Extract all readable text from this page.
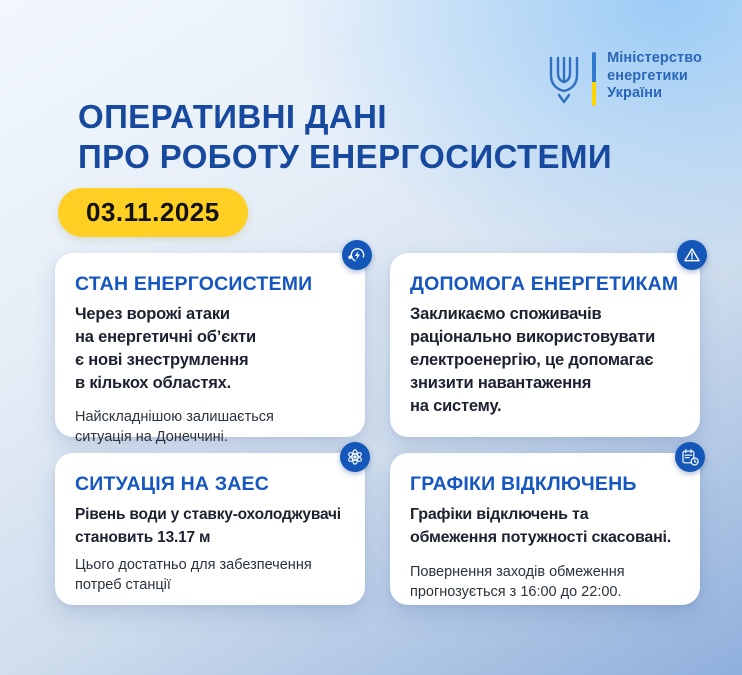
Міністерство
енергетики
України
ОПЕРАТИВНІ ДАНІ
ПРО РОБОТУ ЕНЕРГОСИСТЕМИ
03.11.2025
СТАН ЕНЕРГОСИСТЕМИ
Через ворожі атаки
на енергетичні об’єкти
є нові знеструмлення
в кількох областях.
Найскладнішою залишається
ситуація на Донеччині.
ДОПОМОГА ЕНЕРГЕТИКАМ
Закликаємо споживачів
раціонально використовувати
електроенергію, це допомагає
знизити навантаження
на систему.
СИТУАЦІЯ НА ЗАЕС
Рівень води у ставку-охолоджувачі
становить 13.17 м
Цього достатньо для забезпечення
потреб станції
ГРАФІКИ ВІДКЛЮЧЕНЬ
Графіки відключень та
обмеження потужності скасовані.
Повернення заходів обмеження
прогнозується з 16:00 до 22:00.
